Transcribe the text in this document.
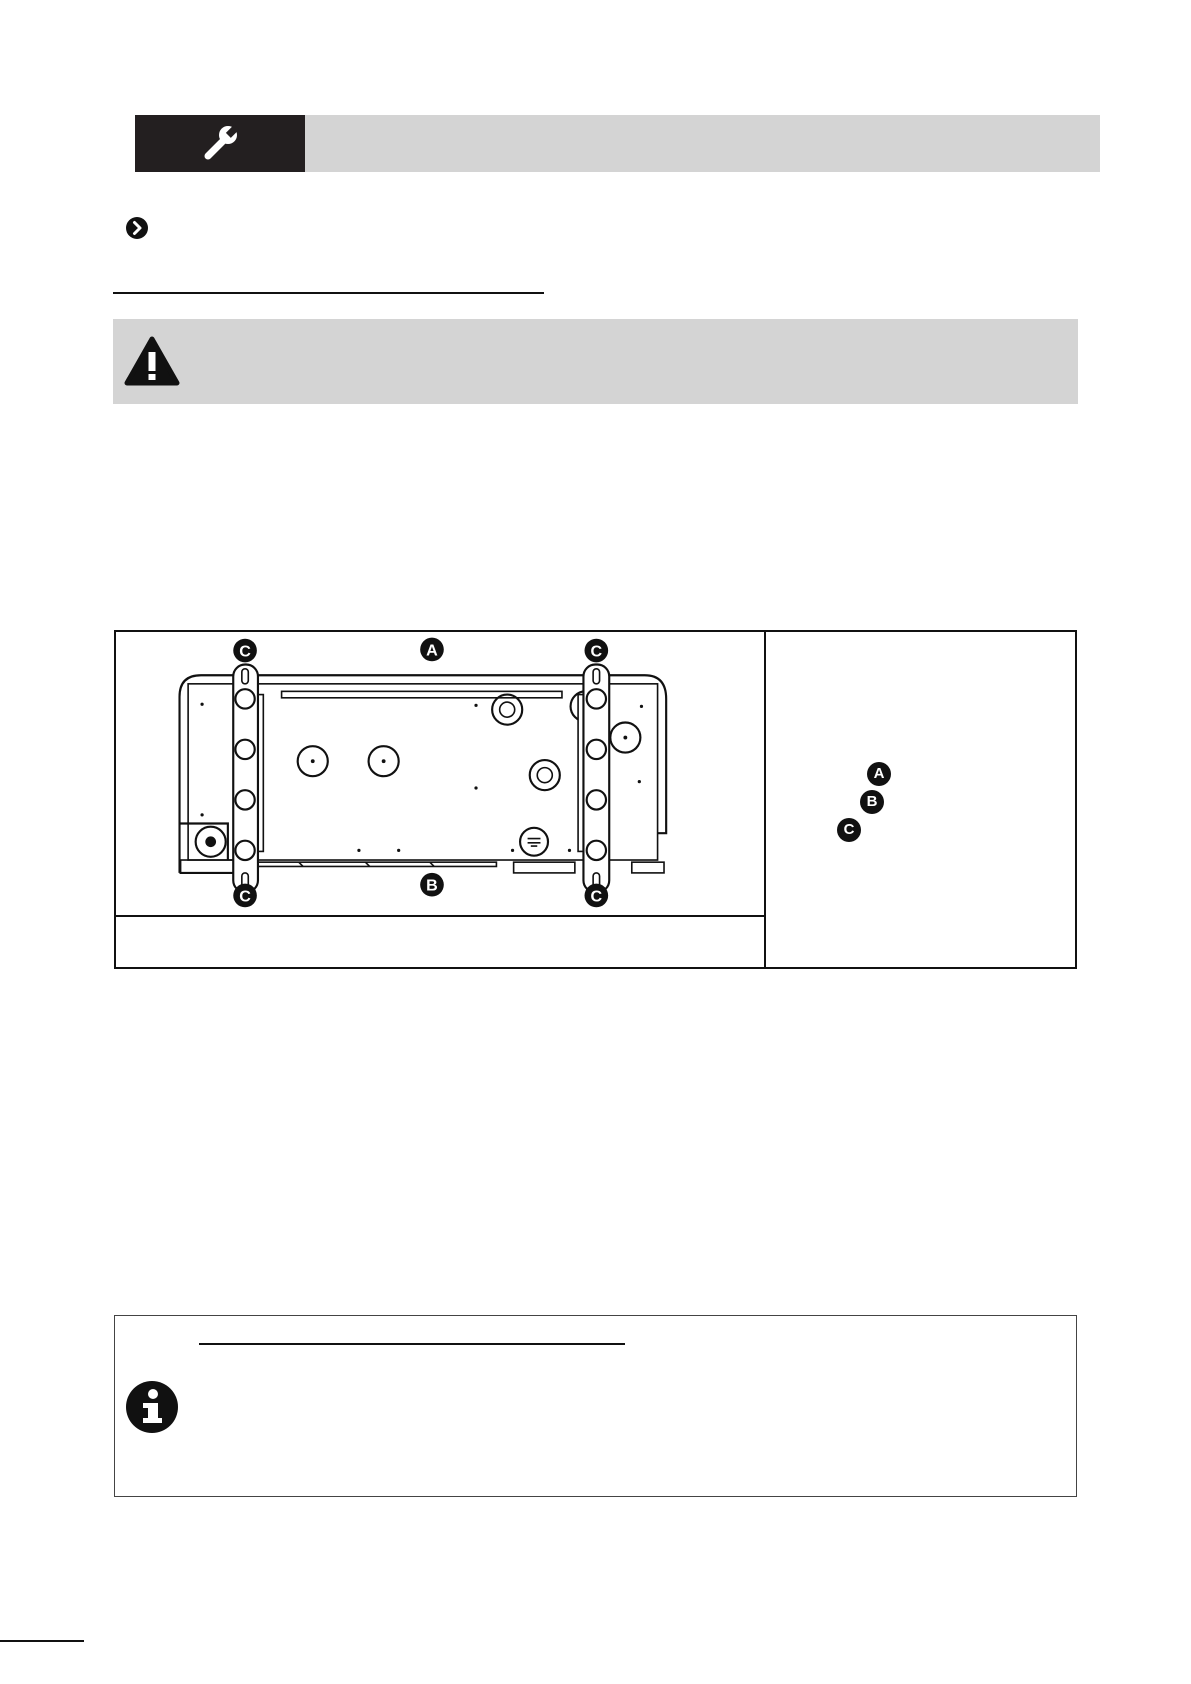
C	A	C
C
B
C
A
B
C
